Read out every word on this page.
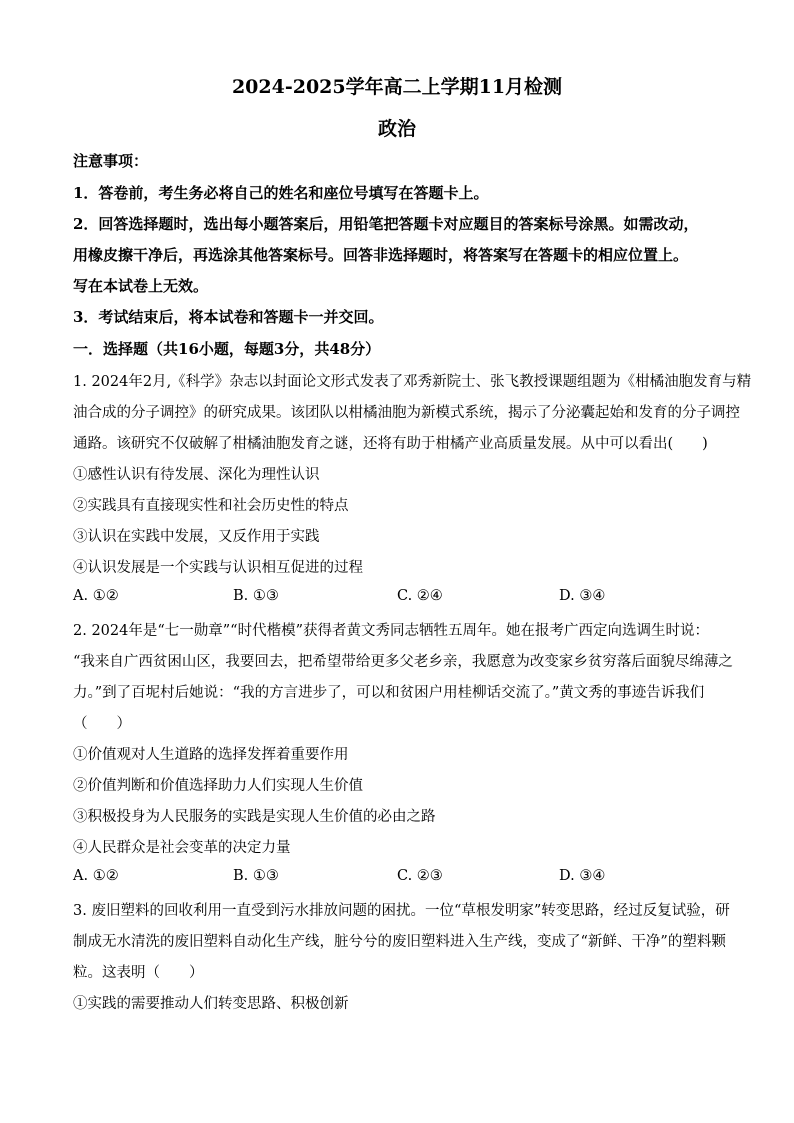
2024-2025学年高二上学期11月检测
政治
注意事项：
1．答卷前，考生务必将自己的姓名和座位号填写在答题卡上。
2．回答选择题时，选出每小题答案后，用铅笔把答题卡对应题目的答案标号涂黑。如需改动，
用橡皮擦干净后，再选涂其他答案标号。回答非选择题时，将答案写在答题卡的相应位置上。
写在本试卷上无效。
3．考试结束后，将本试卷和答题卡一并交回。
一．选择题（共16小题，每题3分，共48分）
1. 2024年2月,《科学》杂志以封面论文形式发表了邓秀新院士、张飞教授课题组题为《柑橘油胞发育与精
油合成的分子调控》的研究成果。该团队以柑橘油胞为新模式系统，揭示了分泌囊起始和发育的分子调控
通路。该研究不仅破解了柑橘油胞发育之谜，还将有助于柑橘产业高质量发展。从中可以看出(　　)
①感性认识有待发展、深化为理性认识
②实践具有直接现实性和社会历史性的特点
③认识在实践中发展，又反作用于实践
④认识发展是一个实践与认识相互促进的过程
A. ①②	B. ①③	C. ②④	D. ③④
2. 2024年是“七一勋章”“时代楷模”获得者黄文秀同志牺牲五周年。她在报考广西定向选调生时说：
“我来自广西贫困山区，我要回去，把希望带给更多父老乡亲，我愿意为改变家乡贫穷落后面貌尽绵薄之
力。”到了百坭村后她说：“我的方言进步了，可以和贫困户用桂柳话交流了。”黄文秀的事迹告诉我们
（　　）
①价值观对人生道路的选择发挥着重要作用
②价值判断和价值选择助力人们实现人生价值
③积极投身为人民服务的实践是实现人生价值的必由之路
④人民群众是社会变革的决定力量
A. ①②	B. ①③	C. ②③	D. ③④
3. 废旧塑料的回收利用一直受到污水排放问题的困扰。一位“草根发明家”转变思路，经过反复试验，研
制成无水清洗的废旧塑料自动化生产线，脏兮兮的废旧塑料进入生产线，变成了“新鲜、干净”的塑料颗
粒。这表明（　　）
①实践的需要推动人们转变思路、积极创新
